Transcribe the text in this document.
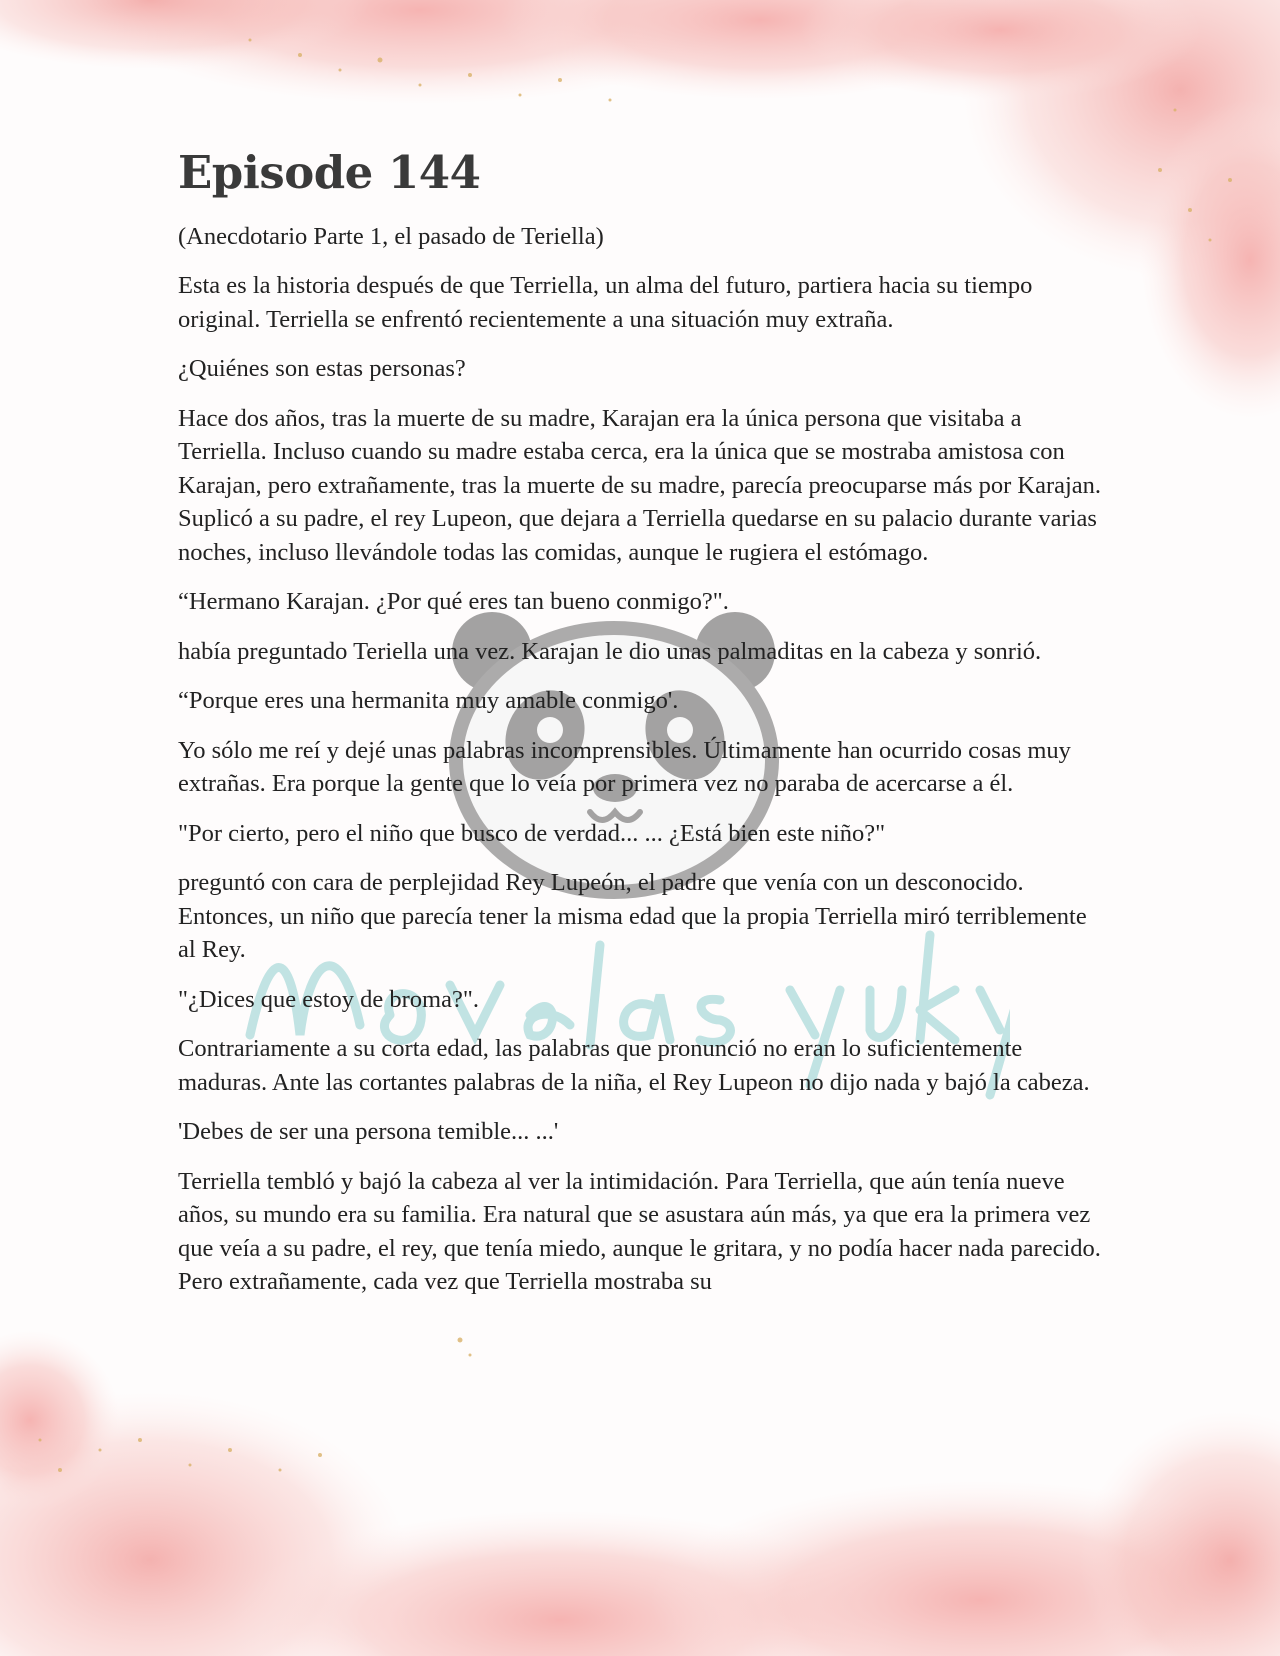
Episode 144

(Anecdotario Parte 1, el pasado de Teriella)

Esta es la historia después de que Terriella, un alma del futuro, partiera hacia su tiempo original. Terriella se enfrentó recientemente a una situación muy extraña.

¿Quiénes son estas personas?

Hace dos años, tras la muerte de su madre, Karajan era la única persona que visitaba a Terriella. Incluso cuando su madre estaba cerca, era la única que se mostraba amistosa con Karajan, pero extrañamente, tras la muerte de su madre, parecía preocuparse más por Karajan. Suplicó a su padre, el rey Lupeon, que dejara a Terriella quedarse en su palacio durante varias noches, incluso llevándole todas las comidas, aunque le rugiera el estómago.

“Hermano Karajan. ¿Por qué eres tan bueno conmigo?".

había preguntado Teriella una vez. Karajan le dio unas palmaditas en la cabeza y sonrió.

“Porque eres una hermanita muy amable conmigo'.

Yo sólo me reí y dejé unas palabras incomprensibles. Últimamente han ocurrido cosas muy extrañas. Era porque la gente que lo veía por primera vez no paraba de acercarse a él.

"Por cierto, pero el niño que busco de verdad... ... ¿Está bien este niño?"

preguntó con cara de perplejidad Rey Lupeón, el padre que venía con un desconocido. Entonces, un niño que parecía tener la misma edad que la propia Terriella miró terriblemente al Rey.

"¿Dices que estoy de broma?".

Contrariamente a su corta edad, las palabras que pronunció no eran lo suficientemente maduras. Ante las cortantes palabras de la niña, el Rey Lupeon no dijo nada y bajó la cabeza.

'Debes de ser una persona temible... ...'

Terriella tembló y bajó la cabeza al ver la intimidación. Para Terriella, que aún tenía nueve años, su mundo era su familia. Era natural que se asustara aún más, ya que era la primera vez que veía a su padre, el rey, que tenía miedo, aunque le gritara, y no podía hacer nada parecido. Pero extrañamente, cada vez que Terriella mostraba su
